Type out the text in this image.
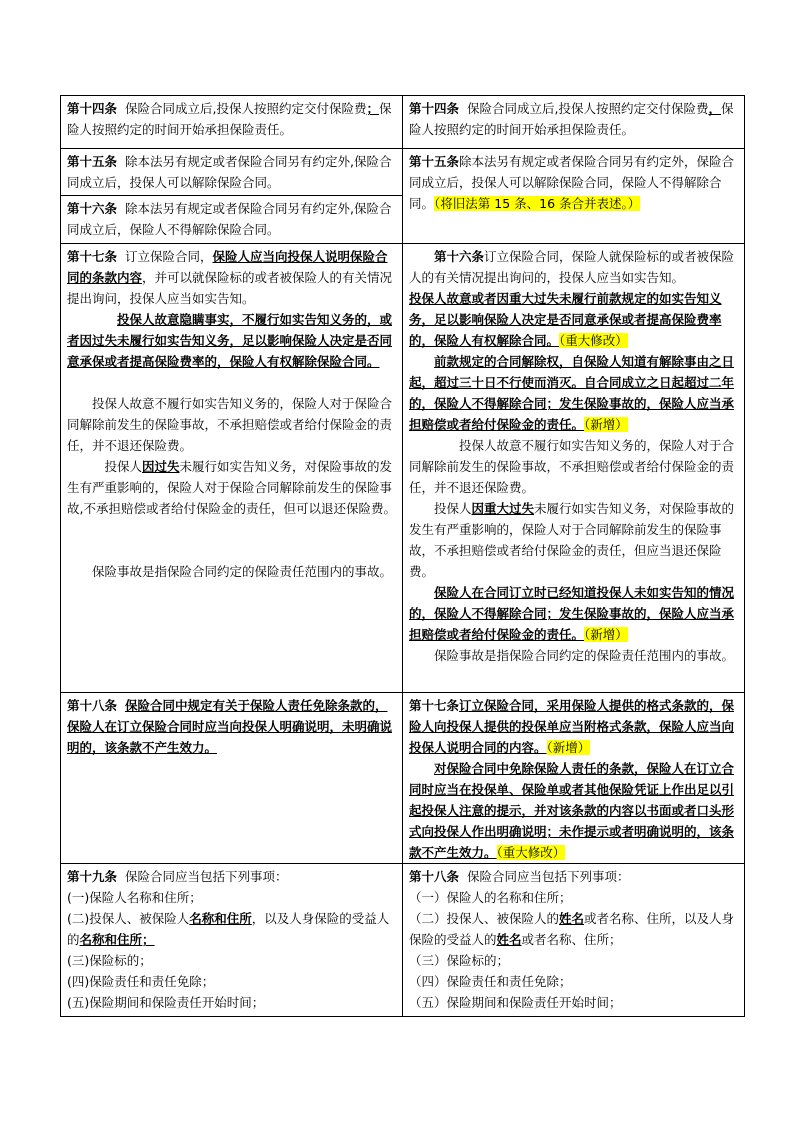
第十四条 保险合同成立后,投保人按照约定交付保险费；保险人按照约定的时间开始承担保险责任。

第十四条 保险合同成立后,投保人按照约定交付保险费，保险人按照约定的时间开始承担保险责任。

第十五条 除本法另有规定或者保险合同另有约定外,保险合同成立后，投保人可以解除保险合同。

第十六条 除本法另有规定或者保险合同另有约定外,保险合同成立后，保险人不得解除保险合同。

第十五条除本法另有规定或者保险合同另有约定外，保险合同成立后，投保人可以解除保险合同，保险人不得解除合同。（将旧法第 15 条、16 条合并表述。）

第十七条 订立保险合同，保险人应当向投保人说明保险合同的条款内容，并可以就保险标的或者被保险人的有关情况提出询问，投保人应当如实告知。

投保人故意隐瞒事实，不履行如实告知义务的，或者因过失未履行如实告知义务，足以影响保险人决定是否同意承保或者提高保险费率的，保险人有权解除保险合同。

投保人故意不履行如实告知义务的，保险人对于保险合同解除前发生的保险事故，不承担赔偿或者给付保险金的责任，并不退还保险费。

投保人因过失未履行如实告知义务，对保险事故的发生有严重影响的，保险人对于保险合同解除前发生的保险事故,不承担赔偿或者给付保险金的责任，但可以退还保险费。

保险事故是指保险合同约定的保险责任范围内的事故。

第十六条订立保险合同，保险人就保险标的或者被保险人的有关情况提出询问的，投保人应当如实告知。

投保人故意或者因重大过失未履行前款规定的如实告知义务，足以影响保险人决定是否同意承保或者提高保险费率的，保险人有权解除合同。（重大修改）

前款规定的合同解除权，自保险人知道有解除事由之日起，超过三十日不行使而消灭。自合同成立之日起超过二年的，保险人不得解除合同；发生保险事故的，保险人应当承担赔偿或者给付保险金的责任。（新增）

投保人故意不履行如实告知义务的，保险人对于合同解除前发生的保险事故，不承担赔偿或者给付保险金的责任，并不退还保险费。

投保人因重大过失未履行如实告知义务，对保险事故的发生有严重影响的，保险人对于合同解除前发生的保险事故，不承担赔偿或者给付保险金的责任，但应当退还保险费。

保险人在合同订立时已经知道投保人未如实告知的情况的，保险人不得解除合同；发生保险事故的，保险人应当承担赔偿或者给付保险金的责任。（新增）

保险事故是指保险合同约定的保险责任范围内的事故。

第十八条 保险合同中规定有关于保险人责任免除条款的，保险人在订立保险合同时应当向投保人明确说明，未明确说明的，该条款不产生效力。

第十七条订立保险合同，采用保险人提供的格式条款的，保险人向投保人提供的投保单应当附格式条款，保险人应当向投保人说明合同的内容。（新增）

对保险合同中免除保险人责任的条款，保险人在订立合同时应当在投保单、保险单或者其他保险凭证上作出足以引起投保人注意的提示，并对该条款的内容以书面或者口头形式向投保人作出明确说明；未作提示或者明确说明的，该条款不产生效力。（重大修改）

第十九条 保险合同应当包括下列事项：

(一)保险人名称和住所；

(二)投保人、被保险人名称和住所，以及人身保险的受益人的名称和住所；

(三)保险标的；

(四)保险责任和责任免除；

(五)保险期间和保险责任开始时间；

第十八条 保险合同应当包括下列事项：

（一）保险人的名称和住所；

（二）投保人、被保险人的姓名或者名称、住所，以及人身保险的受益人的姓名或者名称、住所；

（三）保险标的；

（四）保险责任和责任免除；

（五）保险期间和保险责任开始时间；
